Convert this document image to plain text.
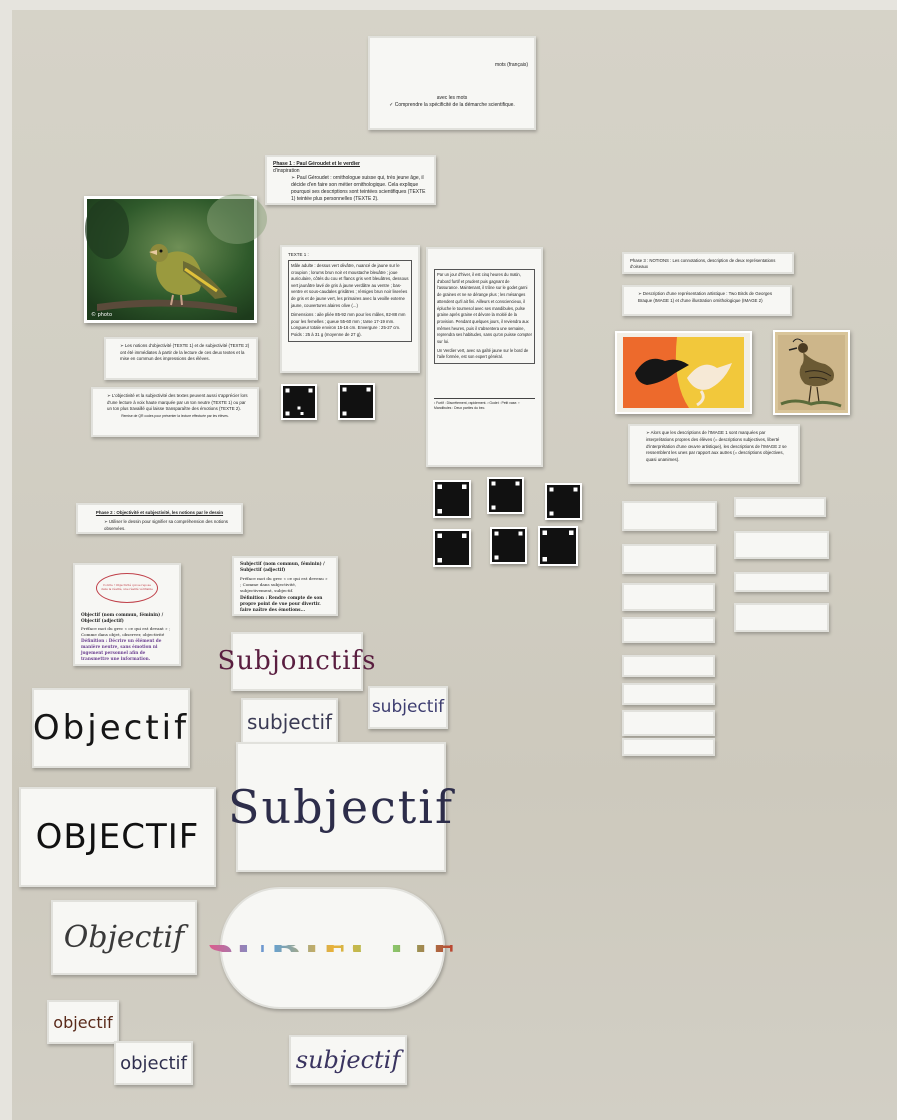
mots (français)
avec les mots
✓ Comprendre la spécificité de la démarche scientifique.
Phase 1 : Paul Géroudet et le verdier
d'inspiration
➢ Paul Géroudet : ornithologue suisse qui, très jeune âge, il décide d'en faire son métier ornithologique. Cela explique pourquoi ses descriptions sont teintées scientifiques (TEXTE 1) teintée plus personnelles (TEXTE 2).
© photo
TEXTE 1 :

Mâle adulte : dessus vert olivâtre, nuancé de jaune sur le croupion ; lorums brun noir et moustache bleuâtre ; joue auriculaire, côtés du cou et flancs gris vert bleuâtres, dessous vert jaunâtre lavé de gris à jaune verdâtre au ventre ; bas-ventre et sous-caudales grisâtres ; rémiges brun noir liserées de gris et de jaune vert, les primaires avec la vexille externe jaune, couvertures alaires olive (...)

Dimensions : aile pliée 85-92 mm pour les mâles, 82-88 mm pour les femelles ; queue 55-60 mm ; tarse 17-19 mm. Longueur totale environ 15-16 cm. Envergure : 25-27 cm. Poids : 25 à 31 g (moyenne de 27 g).

Par un jour d'hiver, il est cinq heures du matin, d'abord furtif et prudent puis gagnant de l'assurance. Maintenant, il trône sur le godet garni de graines et ne se dérange plus ; les mésanges attendent qu'il ait fini. Ailleurs et consciencieux, il épluche le tournesol avec ses mandibules, pulse graine après graine et dévore la moitié de la provision. Pendant quelques jours, il reviendra aux mêmes heures, puis il s'absentera une semaine, reprendra ses habitudes, sans qu'on puisse compter sur lui.

Un Verdier vert, avec sa gaîté jaune sur le bord de l'aile formée, est son expert général.

¹ Furtif : Discrètement, rapidement. ² Godet : Petit vase. ³ Mandibules : Deux parties du bec.
➢ Les notions d'objectivité (TEXTE 1) et de subjectivité (TEXTE 2) ont été immédiates à partir de la lecture de ces deux textes et la mise en commun des impressions des élèves.
➢ L'objectivité et la subjectivité des textes peuvent aussi s'apprécier lors d'une lecture à voix haute marquée par un ton neutre (TEXTE 1) ou par un ton plus travaillé qui laisse transparaître des émotions (TEXTE 2).
Remise de QR codes pour présenter la lecture effectuée par les élèves.
Phase 2 : Objectivité et subjectivité, les notions par le dessin
➢ Utiliser le dessin pour signifier sa compréhension des notions observées.
Phase 3 : NOTIONS : Les connotations, description de deux représentations d'oiseaux
➢ Description d'une représentation artistique : Two Birds de Georges Braque (IMAGE 1) et d'une illustration ornithologique (IMAGE 2)
➢ Alors que les descriptions de l'IMAGE 1 sont marquées par interprétations propres des élèves (= descriptions subjectives, liberté d'interprétation d'une œuvre artistique), les descriptions de l'IMAGE 2 se ressemblent les unes par rapport aux autres (= descriptions objectives, quasi unanimes).

Subjectif (nom commun, féminin) / Subjectif (adjectif)
Préface mot du grec « ce qui est devenu » ; Comme dans subjectivité, subjectivement, subjectif.
Définition : Rendre compte de son propre point de vue pour divertir. faire naître des émotions...
Contre ! Objectivité qui se repose dans la réalité, une réalité vérifiable
Objectif (nom commun, féminin) / Objectif (adjectif)
Préface mot du grec « ce qui est devant » ; Comme dans objet, observer, objectivité
Définition : Décrire un élément de manière neutre, sans émotion ni jugement personnel afin de transmettre une information.	Subjonctifs
subjectif
subjectif
Objectif
Subjectif
OBJECTIF
Objectif SUBJECTIF
objectif
objectif	subjectif
